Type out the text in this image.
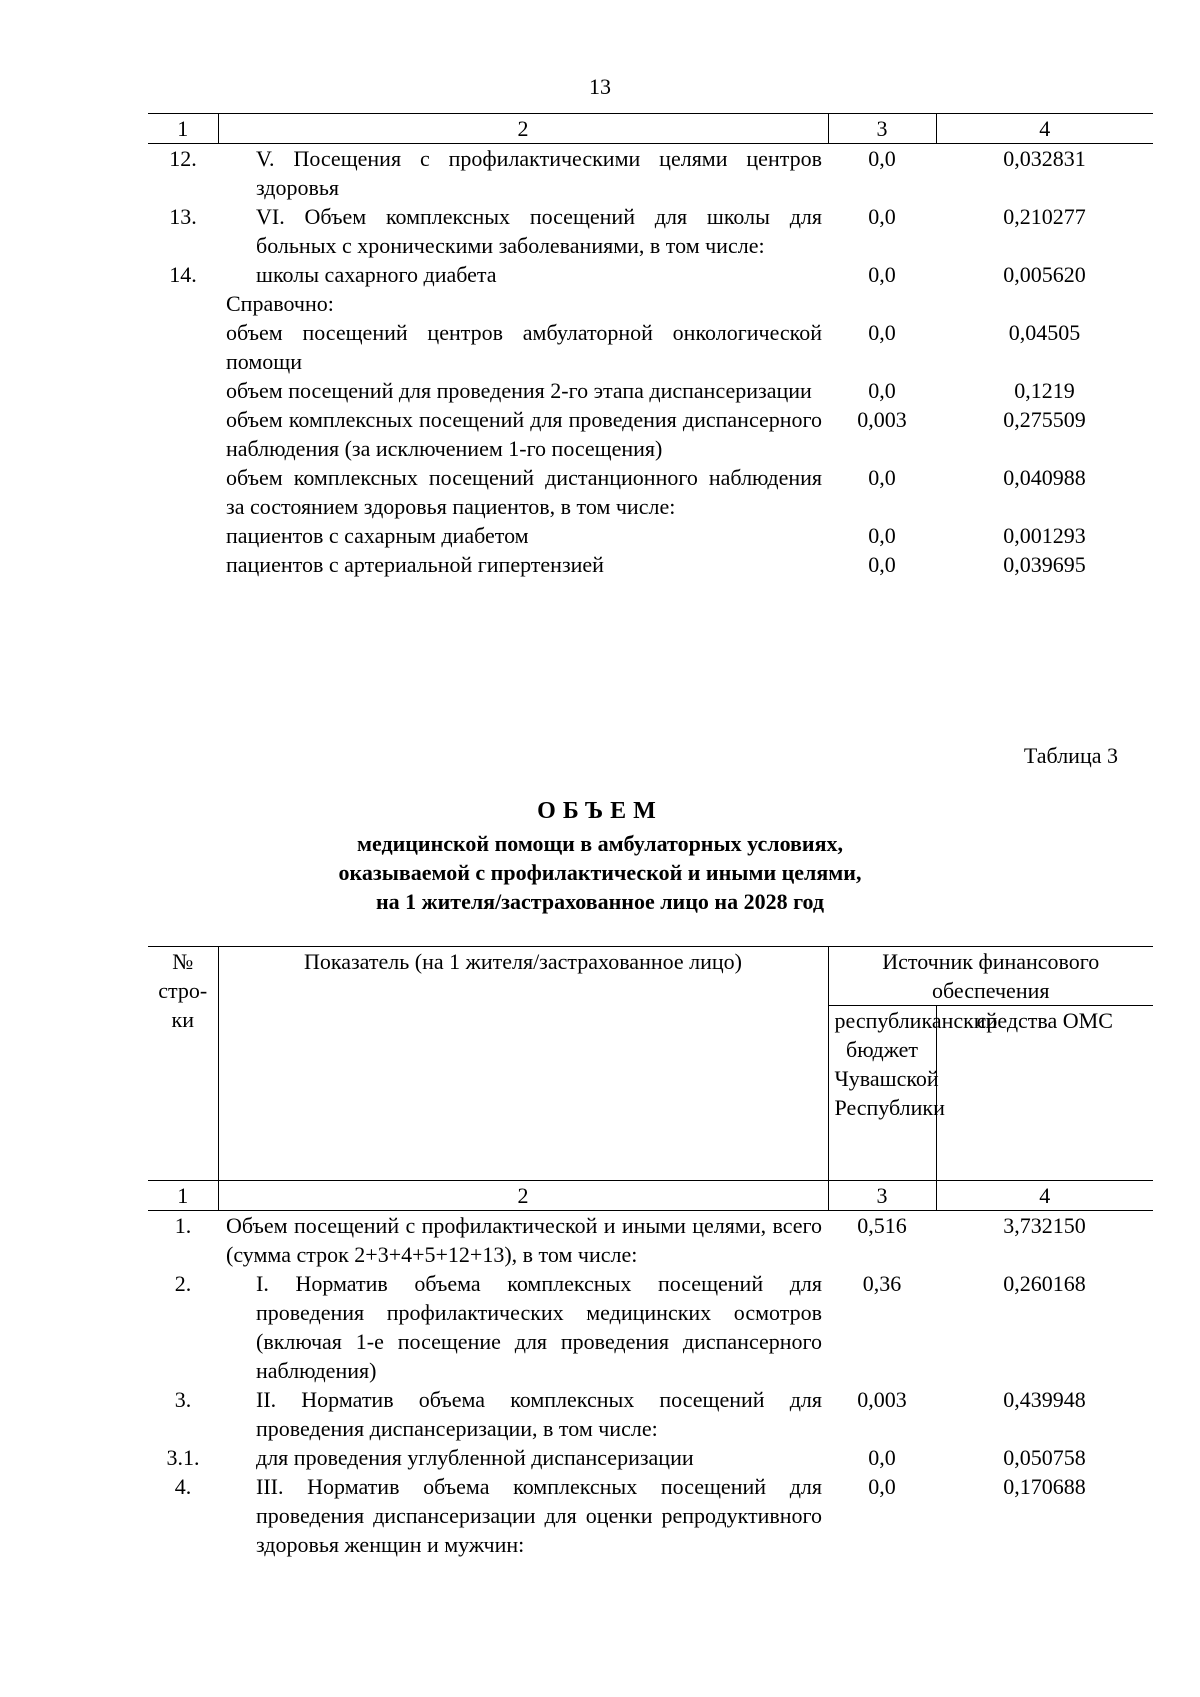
13
1	2	3	4
12.	V. Посещения с профилактическими целями центров здоровья	0,0	0,032831
13.	VI. Объем комплексных посещений для школы для больных с хроническими заболеваниями, в том числе:	0,0	0,210277
14.	школы сахарного диабета	0,0	0,005620
	Справочно:		
	объем посещений центров амбулаторной онкологической помощи	0,0	0,04505
	объем посещений для проведения 2-го этапа диспансеризации	0,0	0,1219
	объем комплексных посещений для проведения диспансерного наблюдения (за исключением 1-го посещения)	0,003	0,275509
	объем комплексных посещений дистанционного наблюдения за состоянием здоровья пациентов, в том числе:	0,0	0,040988
	пациентов с сахарным диабетом	0,0	0,001293
	пациентов с артериальной гипертензией	0,0	0,039695
Таблица 3
ОБЪЕМ
медицинской помощи в амбулаторных условиях,
оказываемой с профилактической и иными целями,
на 1 жителя/застрахованное лицо на 2028 год
№ стро-ки	Показатель (на 1 жителя/застрахованное лицо)	Источник финансового обеспечения	
		республиканский бюджет Чувашской Республики	средства ОМС
1	2	3	4
1.	Объем посещений с профилактической и иными целями, всего (сумма строк 2+3+4+5+12+13), в том числе:	0,516	3,732150
2.	I. Норматив объема комплексных посещений для проведения профилактических медицинских осмотров (включая 1-е посещение для проведения диспансерного наблюдения)	0,36	0,260168
3.	II. Норматив объема комплексных посещений для проведения диспансеризации, в том числе:	0,003	0,439948
3.1.	для проведения углубленной диспансеризации	0,0	0,050758
4.	III. Норматив объема комплексных посещений для проведения диспансеризации для оценки репродуктивного здоровья женщин и мужчин:	0,0	0,170688
